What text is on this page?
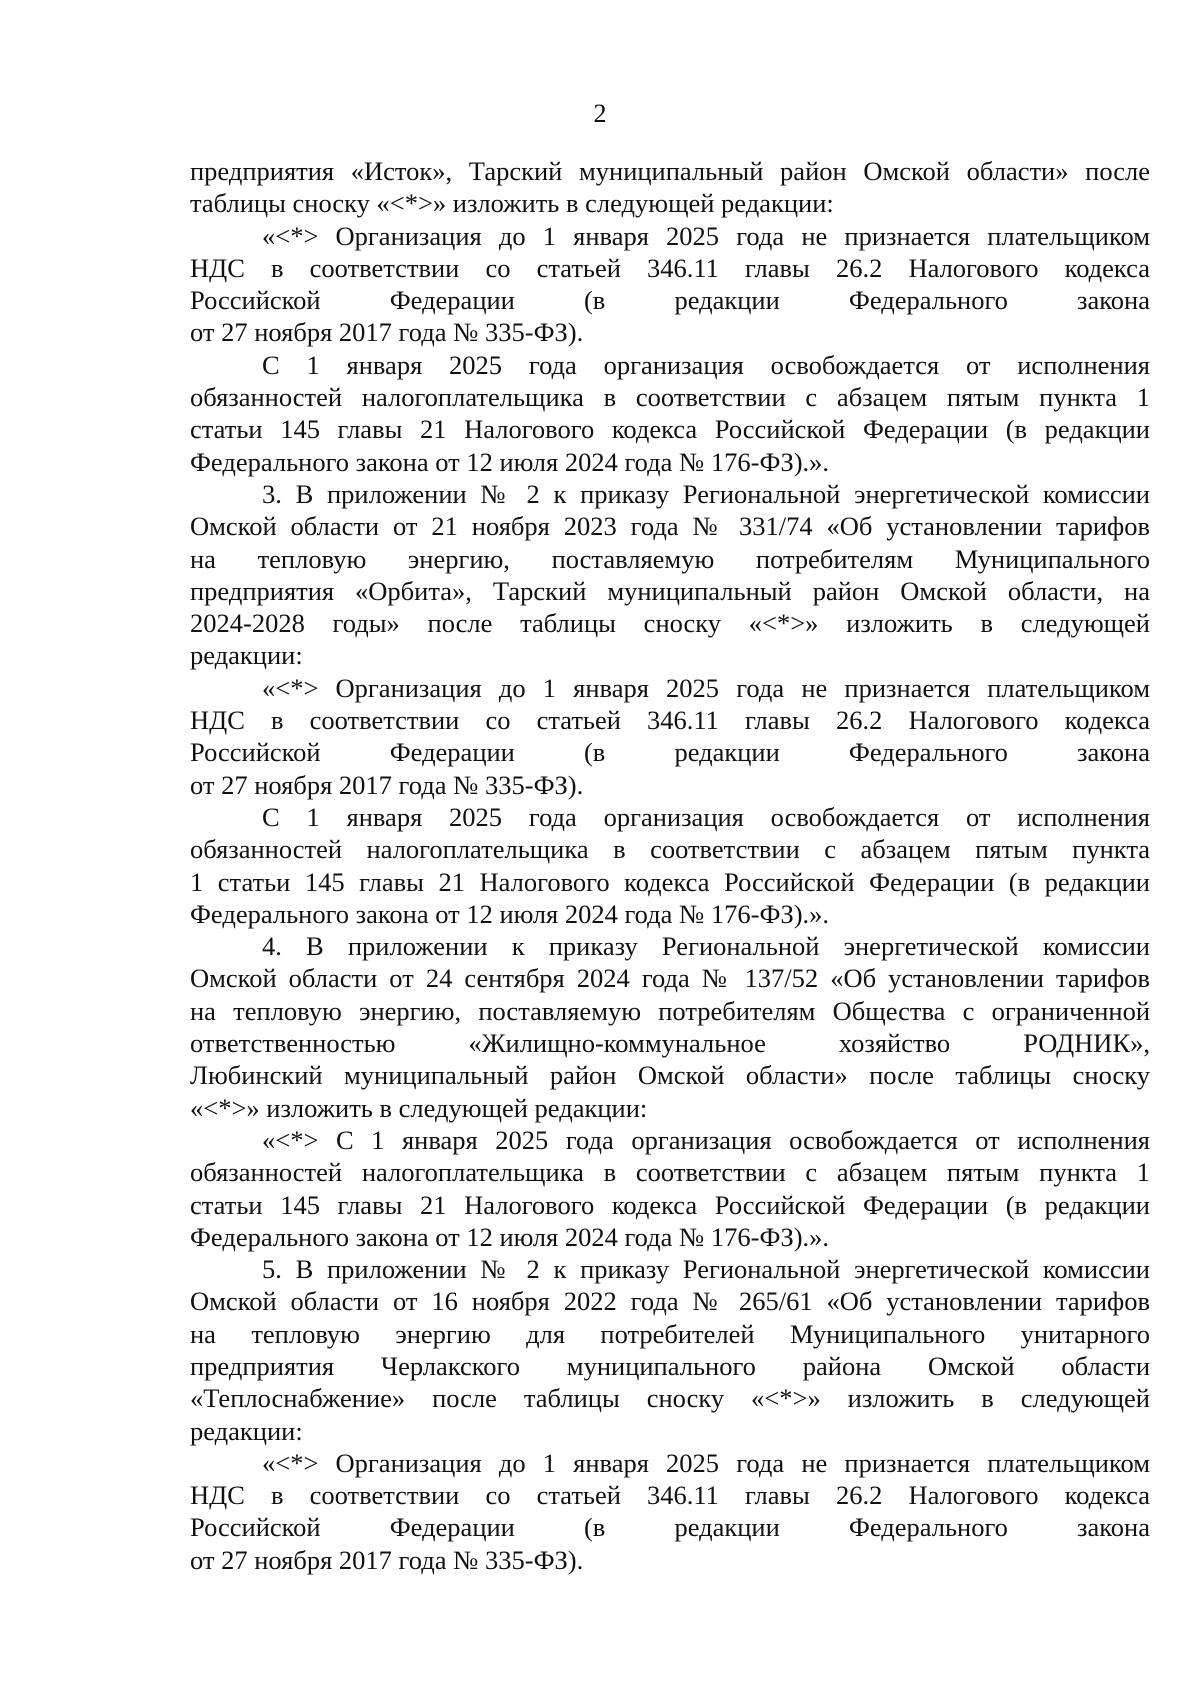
2
предприятия «Исток», Тарский муниципальный район Омской области» после
таблицы сноску «<*>» изложить в следующей редакции:
«<*> Организация до 1 января 2025 года не признается плательщиком
НДС в соответствии со статьей 346.11 главы 26.2 Налогового кодекса
Российской Федерации (в редакции Федерального закона
от 27 ноября 2017 года № 335-ФЗ).
С 1 января 2025 года организация освобождается от исполнения
обязанностей налогоплательщика в соответствии с абзацем пятым пункта 1
статьи 145 главы 21 Налогового кодекса Российской Федерации (в редакции
Федерального закона от 12 июля 2024 года № 176-ФЗ).».
3. В приложении № 2 к приказу Региональной энергетической комиссии
Омской области от 21 ноября 2023 года № 331/74 «Об установлении тарифов
на тепловую энергию, поставляемую потребителям Муниципального
предприятия «Орбита», Тарский муниципальный район Омской области, на
2024-2028 годы» после таблицы сноску «<*>» изложить в следующей
редакции:
«<*> Организация до 1 января 2025 года не признается плательщиком
НДС в соответствии со статьей 346.11 главы 26.2 Налогового кодекса
Российской Федерации (в редакции Федерального закона
от 27 ноября 2017 года № 335-ФЗ).
С 1 января 2025 года организация освобождается от исполнения
обязанностей налогоплательщика в соответствии с абзацем пятым пункта
1 статьи 145 главы 21 Налогового кодекса Российской Федерации (в редакции
Федерального закона от 12 июля 2024 года № 176-ФЗ).».
4. В приложении к приказу Региональной энергетической комиссии
Омской области от 24 сентября 2024 года № 137/52 «Об установлении тарифов
на тепловую энергию, поставляемую потребителям Общества с ограниченной
ответственностью «Жилищно-коммунальное хозяйство РОДНИК»,
Любинский муниципальный район Омской области» после таблицы сноску
«<*>» изложить в следующей редакции:
«<*> С 1 января 2025 года организация освобождается от исполнения
обязанностей налогоплательщика в соответствии с абзацем пятым пункта 1
статьи 145 главы 21 Налогового кодекса Российской Федерации (в редакции
Федерального закона от 12 июля 2024 года № 176-ФЗ).».
5. В приложении № 2 к приказу Региональной энергетической комиссии
Омской области от 16 ноября 2022 года № 265/61 «Об установлении тарифов
на тепловую энергию для потребителей Муниципального унитарного
предприятия Черлакского муниципального района Омской области
«Теплоснабжение» после таблицы сноску «<*>» изложить в следующей
редакции:
«<*> Организация до 1 января 2025 года не признается плательщиком
НДС в соответствии со статьей 346.11 главы 26.2 Налогового кодекса
Российской Федерации (в редакции Федерального закона
от 27 ноября 2017 года № 335-ФЗ).
